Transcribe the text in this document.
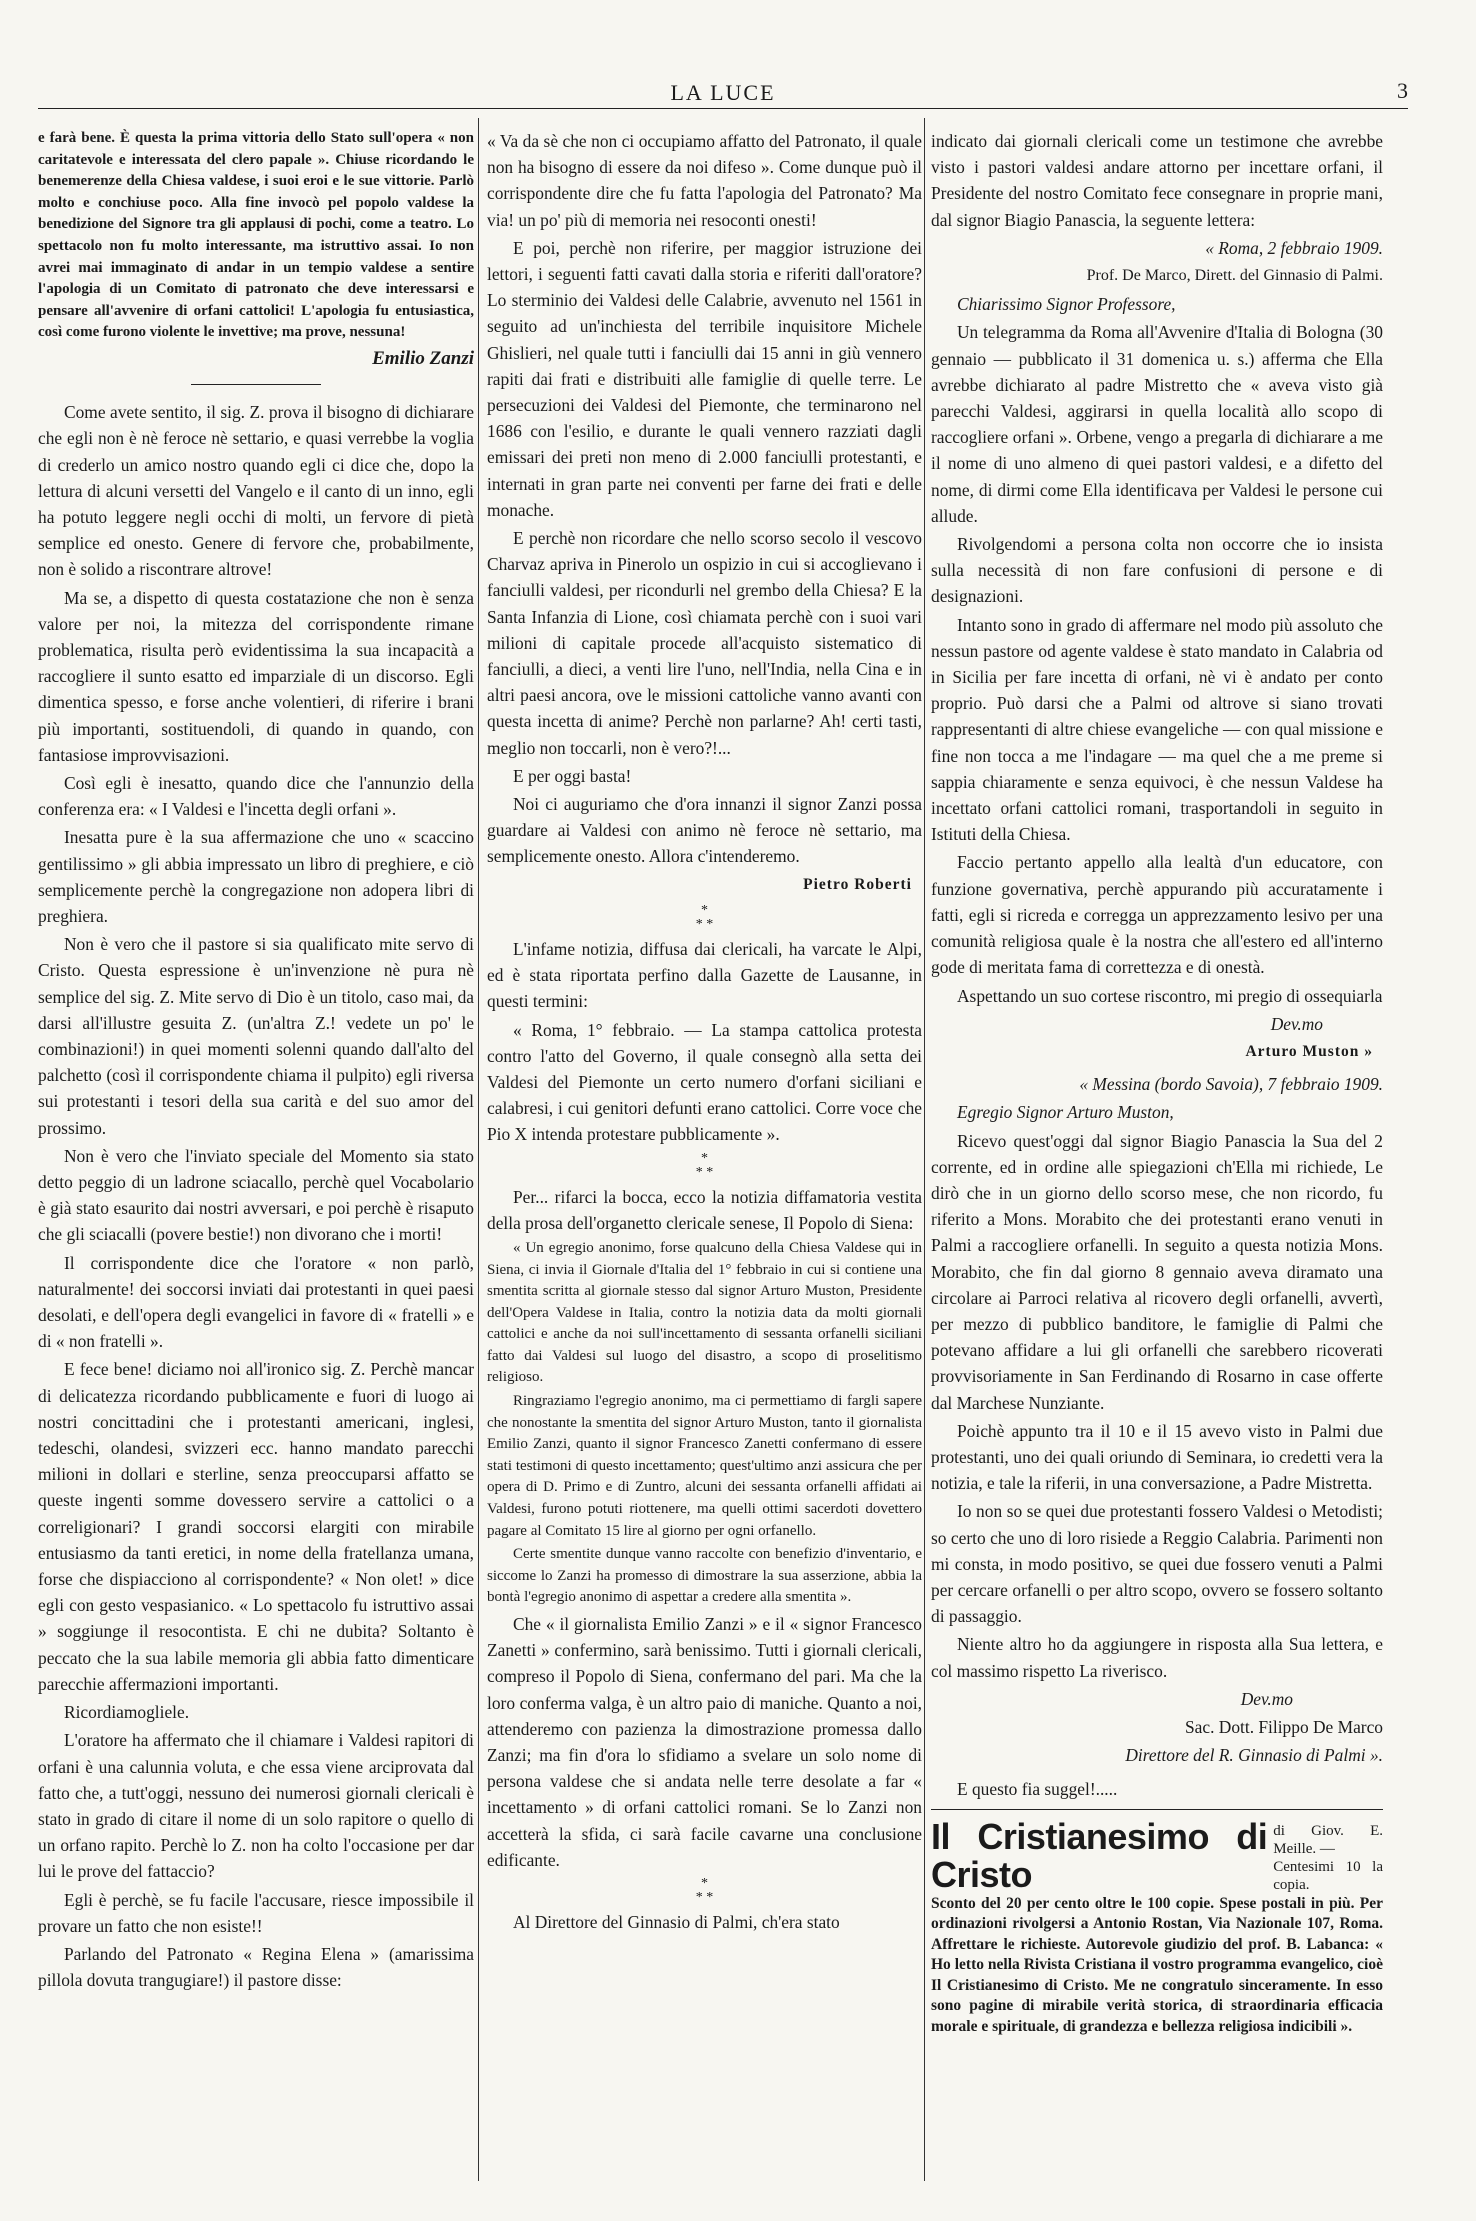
LA LUCE	3

e farà bene. È questa la prima vittoria dello Stato sull'opera « non caritatevole e interessata del clero papale ». Chiuse ricordando le benemerenze della Chiesa valdese, i suoi eroi e le sue vittorie. Parlò molto e conchiuse poco. Alla fine invocò pel popolo valdese la benedizione del Signore tra gli applausi di pochi, come a teatro. Lo spettacolo non fu molto interessante, ma istruttivo assai. Io non avrei mai immaginato di andar in un tempio valdese a sentire l'apologia di un Comitato di patronato che deve interessarsi e pensare all'avvenire di orfani cattolici! L'apologia fu entusiastica, così come furono violente le invettive; ma prove, nessuna!

Emilio Zanzi

Come avete sentito, il sig. Z. prova il bisogno di dichiarare che egli non è nè feroce nè settario, e quasi verrebbe la voglia di crederlo un amico nostro quando egli ci dice che, dopo la lettura di alcuni versetti del Vangelo e il canto di un inno, egli ha potuto leggere negli occhi di molti, un fervore di pietà semplice ed onesto. Genere di fervore che, probabilmente, non è solido a riscontrare altrove!

Ma se, a dispetto di questa costatazione che non è senza valore per noi, la mitezza del corrispondente rimane problematica, risulta però evidentissima la sua incapacità a raccogliere il sunto esatto ed imparziale di un discorso. Egli dimentica spesso, e forse anche volentieri, di riferire i brani più importanti, sostituendoli, di quando in quando, con fantasiose improvvisazioni.

Così egli è inesatto, quando dice che l'annunzio della conferenza era: « I Valdesi e l'incetta degli orfani ».

Inesatta pure è la sua affermazione che uno « scaccino gentilissimo » gli abbia impressato un libro di preghiere, e ciò semplicemente perchè la congregazione non adopera libri di preghiera.

Non è vero che il pastore si sia qualificato mite servo di Cristo. Questa espressione è un'invenzione nè pura nè semplice del sig. Z. Mite servo di Dio è un titolo, caso mai, da darsi all'illustre gesuita Z. (un'altra Z.! vedete un po' le combinazioni!) in quei momenti solenni quando dall'alto del palchetto (così il corrispondente chiama il pulpito) egli riversa sui protestanti i tesori della sua carità e del suo amor del prossimo.

Non è vero che l'inviato speciale del Momento sia stato detto peggio di un ladrone sciacallo, perchè quel Vocabolario è già stato esaurito dai nostri avversari, e poi perchè è risaputo che gli sciacalli (povere bestie!) non divorano che i morti!

Il corrispondente dice che l'oratore « non parlò, naturalmente! dei soccorsi inviati dai protestanti in quei paesi desolati, e dell'opera degli evangelici in favore di « fratelli » e di « non fratelli ».

E fece bene! diciamo noi all'ironico sig. Z. Perchè mancar di delicatezza ricordando pubblicamente e fuori di luogo ai nostri concittadini che i protestanti americani, inglesi, tedeschi, olandesi, svizzeri ecc. hanno mandato parecchi milioni in dollari e sterline, senza preoccuparsi affatto se queste ingenti somme dovessero servire a cattolici o a correligionari? I grandi soccorsi elargiti con mirabile entusiasmo da tanti eretici, in nome della fratellanza umana, forse che dispiacciono al corrispondente? « Non olet! » dice egli con gesto vespasianico. « Lo spettacolo fu istruttivo assai » soggiunge il resocontista. E chi ne dubita? Soltanto è peccato che la sua labile memoria gli abbia fatto dimenticare parecchie affermazioni importanti.

Ricordiamogliele.

L'oratore ha affermato che il chiamare i Valdesi rapitori di orfani è una calunnia voluta, e che essa viene arciprovata dal fatto che, a tutt'oggi, nessuno dei numerosi giornali clericali è stato in grado di citare il nome di un solo rapitore o quello di un orfano rapito. Perchè lo Z. non ha colto l'occasione per dar lui le prove del fattaccio?

Egli è perchè, se fu facile l'accusare, riesce impossibile il provare un fatto che non esiste!!

Parlando del Patronato « Regina Elena » (amarissima pillola dovuta trangugiare!) il pastore disse:

« Va da sè che non ci occupiamo affatto del Patronato, il quale non ha bisogno di essere da noi difeso ». Come dunque può il corrispondente dire che fu fatta l'apologia del Patronato? Ma via! un po' più di memoria nei resoconti onesti!

E poi, perchè non riferire, per maggior istruzione dei lettori, i seguenti fatti cavati dalla storia e riferiti dall'oratore? Lo sterminio dei Valdesi delle Calabrie, avvenuto nel 1561 in seguito ad un'inchiesta del terribile inquisitore Michele Ghislieri, nel quale tutti i fanciulli dai 15 anni in giù vennero rapiti dai frati e distribuiti alle famiglie di quelle terre. Le persecuzioni dei Valdesi del Piemonte, che terminarono nel 1686 con l'esilio, e durante le quali vennero razziati dagli emissari dei preti non meno di 2.000 fanciulli protestanti, e internati in gran parte nei conventi per farne dei frati e delle monache.

E perchè non ricordare che nello scorso secolo il vescovo Charvaz apriva in Pinerolo un ospizio in cui si accoglievano i fanciulli valdesi, per ricondurli nel grembo della Chiesa? E la Santa Infanzia di Lione, così chiamata perchè con i suoi vari milioni di capitale procede all'acquisto sistematico di fanciulli, a dieci, a venti lire l'uno, nell'India, nella Cina e in altri paesi ancora, ove le missioni cattoliche vanno avanti con questa incetta di anime? Perchè non parlarne? Ah! certi tasti, meglio non toccarli, non è vero?!...

E per oggi basta!

Noi ci auguriamo che d'ora innanzi il signor Zanzi possa guardare ai Valdesi con animo nè feroce nè settario, ma semplicemente onesto. Allora c'intenderemo.

Pietro Roberti
*
* *

L'infame notizia, diffusa dai clericali, ha varcate le Alpi, ed è stata riportata perfino dalla Gazette de Lausanne, in questi termini:

« Roma, 1° febbraio. — La stampa cattolica protesta contro l'atto del Governo, il quale consegnò alla setta dei Valdesi del Piemonte un certo numero d'orfani siciliani e calabresi, i cui genitori defunti erano cattolici. Corre voce che Pio X intenda protestare pubblicamente ».

*
* *

Per... rifarci la bocca, ecco la notizia diffamatoria vestita della prosa dell'organetto clericale senese, Il Popolo di Siena:

« Un egregio anonimo, forse qualcuno della Chiesa Valdese qui in Siena, ci invia il Giornale d'Italia del 1° febbraio in cui si contiene una smentita scritta al giornale stesso dal signor Arturo Muston, Presidente dell'Opera Valdese in Italia, contro la notizia data da molti giornali cattolici e anche da noi sull'incettamento di sessanta orfanelli siciliani fatto dai Valdesi sul luogo del disastro, a scopo di proselitismo religioso.

Ringraziamo l'egregio anonimo, ma ci permettiamo di fargli sapere che nonostante la smentita del signor Arturo Muston, tanto il giornalista Emilio Zanzi, quanto il signor Francesco Zanetti confermano di essere stati testimoni di questo incettamento; quest'ultimo anzi assicura che per opera di D. Primo e di Zuntro, alcuni dei sessanta orfanelli affidati ai Valdesi, furono potuti riottenere, ma quelli ottimi sacerdoti dovettero pagare al Comitato 15 lire al giorno per ogni orfanello.

Certe smentite dunque vanno raccolte con benefizio d'inventario, e siccome lo Zanzi ha promesso di dimostrare la sua asserzione, abbia la bontà l'egregio anonimo di aspettar a credere alla smentita ».

Che « il giornalista Emilio Zanzi » e il « signor Francesco Zanetti » confermino, sarà benissimo. Tutti i giornali clericali, compreso il Popolo di Siena, confermano del pari. Ma che la loro conferma valga, è un altro paio di maniche. Quanto a noi, attenderemo con pazienza la dimostrazione promessa dallo Zanzi; ma fin d'ora lo sfidiamo a svelare un solo nome di persona valdese che si andata nelle terre desolate a far « incettamento » di orfani cattolici romani. Se lo Zanzi non accetterà la sfida, ci sarà facile cavarne una conclusione edificante.

*
* *

Al Direttore del Ginnasio di Palmi, ch'era stato

indicato dai giornali clericali come un testimone che avrebbe visto i pastori valdesi andare attorno per incettare orfani, il Presidente del nostro Comitato fece consegnare in proprie mani, dal signor Biagio Panascia, la seguente lettera:

« Roma, 2 febbraio 1909.
Prof. De Marco, Dirett. del Ginnasio di Palmi.

Chiarissimo Signor Professore,

Un telegramma da Roma all'Avvenire d'Italia di Bologna (30 gennaio — pubblicato il 31 domenica u. s.) afferma che Ella avrebbe dichiarato al padre Mistretto che « aveva visto già parecchi Valdesi, aggirarsi in quella località allo scopo di raccogliere orfani ». Orbene, vengo a pregarla di dichiarare a me il nome di uno almeno di quei pastori valdesi, e a difetto del nome, di dirmi come Ella identificava per Valdesi le persone cui allude.

Rivolgendomi a persona colta non occorre che io insista sulla necessità di non fare confusioni di persone e di designazioni.

Intanto sono in grado di affermare nel modo più assoluto che nessun pastore od agente valdese è stato mandato in Calabria od in Sicilia per fare incetta di orfani, nè vi è andato per conto proprio. Può darsi che a Palmi od altrove si siano trovati rappresentanti di altre chiese evangeliche — con qual missione e fine non tocca a me l'indagare — ma quel che a me preme si sappia chiaramente e senza equivoci, è che nessun Valdese ha incettato orfani cattolici romani, trasportandoli in seguito in Istituti della Chiesa.

Faccio pertanto appello alla lealtà d'un educatore, con funzione governativa, perchè appurando più accuratamente i fatti, egli si ricreda e corregga un apprezzamento lesivo per una comunità religiosa quale è la nostra che all'estero ed all'interno gode di meritata fama di correttezza e di onestà.

Aspettando un suo cortese riscontro, mi pregio di ossequiarla

Dev.mo
Arturo Muston »
« Messina (bordo Savoia), 7 febbraio 1909.

Egregio Signor Arturo Muston,

Ricevo quest'oggi dal signor Biagio Panascia la Sua del 2 corrente, ed in ordine alle spiegazioni ch'Ella mi richiede, Le dirò che in un giorno dello scorso mese, che non ricordo, fu riferito a Mons. Morabito che dei protestanti erano venuti in Palmi a raccogliere orfanelli. In seguito a questa notizia Mons. Morabito, che fin dal giorno 8 gennaio aveva diramato una circolare ai Parroci relativa al ricovero degli orfanelli, avvertì, per mezzo di pubblico banditore, le famiglie di Palmi che potevano affidare a lui gli orfanelli che sarebbero ricoverati provvisoriamente in San Ferdinando di Rosarno in case offerte dal Marchese Nunziante.

Poichè appunto tra il 10 e il 15 avevo visto in Palmi due protestanti, uno dei quali oriundo di Seminara, io credetti vera la notizia, e tale la riferii, in una conversazione, a Padre Mistretta.

Io non so se quei due protestanti fossero Valdesi o Metodisti; so certo che uno di loro risiede a Reggio Calabria. Parimenti non mi consta, in modo positivo, se quei due fossero venuti a Palmi per cercare orfanelli o per altro scopo, ovvero se fossero soltanto di passaggio.

Niente altro ho da aggiungere in risposta alla Sua lettera, e col massimo rispetto La riverisco.

Dev.mo
Sac. Dott. Filippo De Marco
Direttore del R. Ginnasio di Palmi ».

E questo fia suggel!.....

Il Cristianesimo di Cristo
di Giov. E. Meille. —
Centesimi 10 la copia.
Sconto del 20 per cento oltre le 100 copie. Spese postali in più. Per ordinazioni rivolgersi a Antonio Rostan, Via Nazionale 107, Roma. Affrettare le richieste. Autorevole giudizio del prof. B. Labanca: « Ho letto nella Rivista Cristiana il vostro programma evangelico, cioè Il Cristianesimo di Cristo. Me ne congratulo sinceramente. In esso sono pagine di mirabile verità storica, di straordinaria efficacia morale e spirituale, di grandezza e bellezza religiosa indicibili ».
